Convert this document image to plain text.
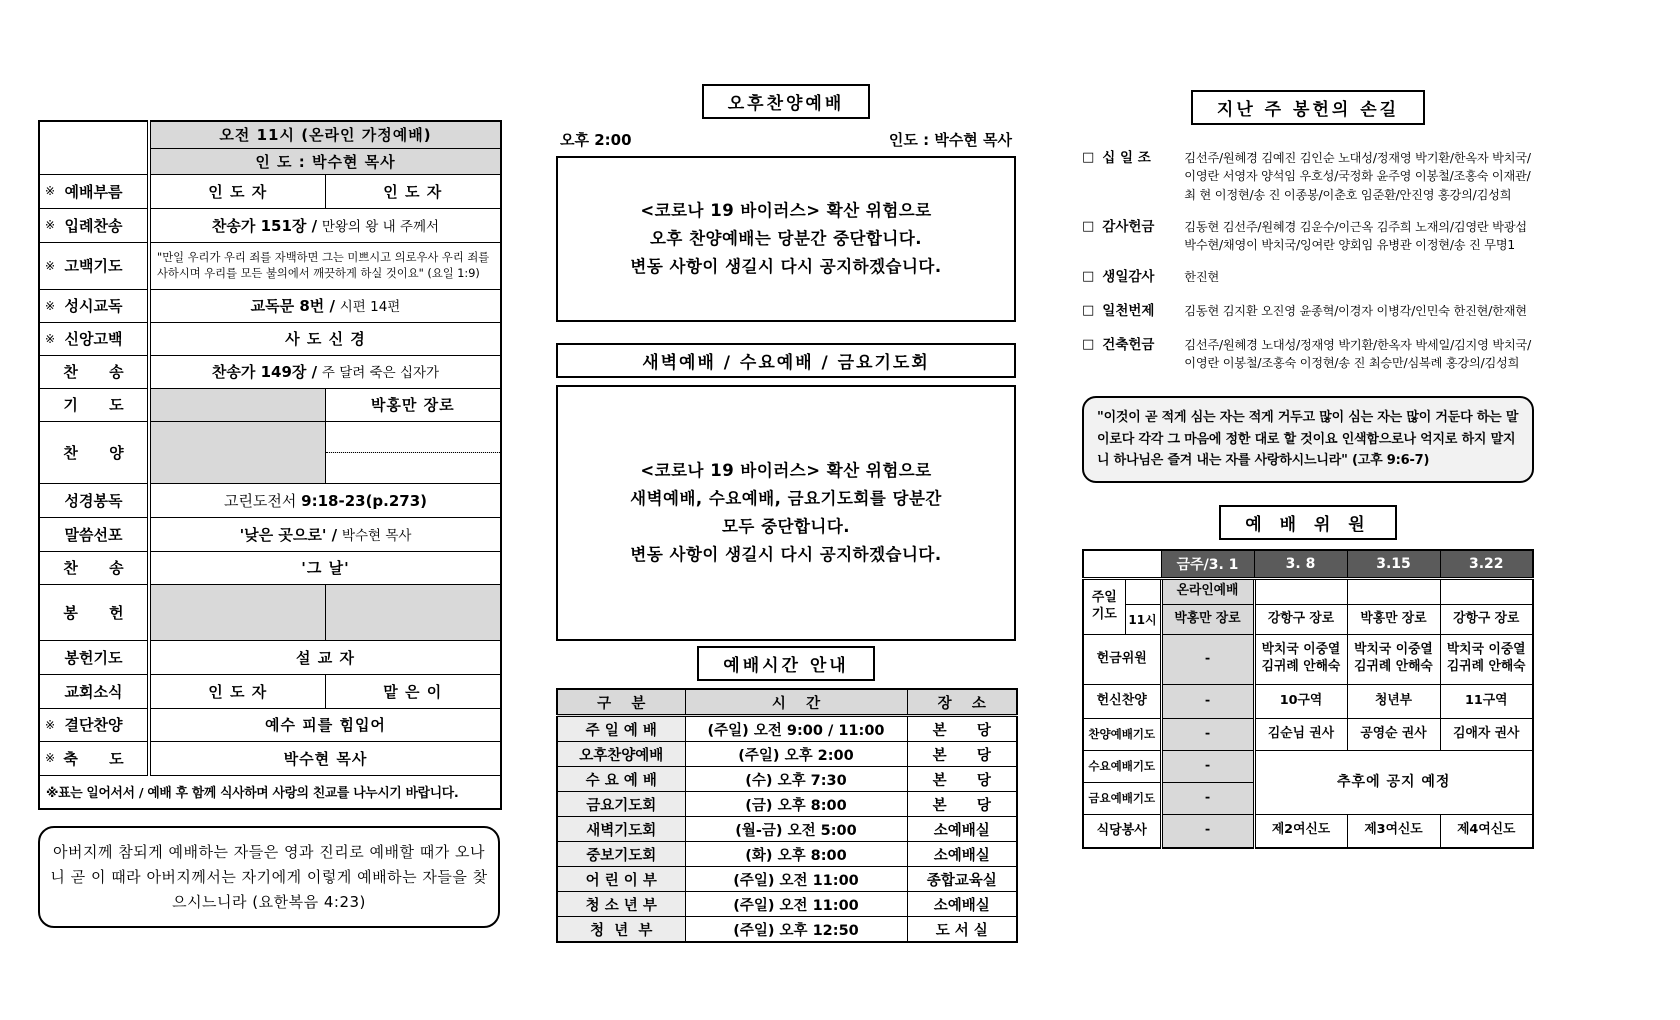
	오전 11시 (온라인 가정예배)	
	인 도 : 박수현 목사	

※ 예배부름	인 도 자	인 도 자

※ 입례찬송	찬송가 151장 / 만왕의 왕 내 주께서	

※ 고백기도	"만일 우리가 우리 죄를 자백하면 그는 미쁘시고 의로우사 우리 죄를 사하시며 우리를 모든 불의에서 깨끗하게 하실 것이요" (요일 1:9)	

※ 성시교독	교독문 8번 / 시편 14편	

※ 신앙고백	사 도 신 경	
찬      송	찬송가 149장 / 주 달려 죽은 십자가	
기      도		박홍만 장로
찬      양		

성경봉독	고린도전서 9:18-23(p.273)	
말씀선포	'낮은 곳으로' / 박수현 목사	
찬      송	'그 날'	
봉      헌		
봉헌기도	설 교 자	
교회소식	인 도 자	맡 은 이

※ 결단찬양	예수 피를 힘입어	

※ 축      도	박수현 목사	
※표는 일어서서 / 예배 후 함께 식사하며 사랑의 친교를 나누시기 바랍니다.		
아버지께 참되게 예배하는 자들은 영과 진리로 예배할 때가 오나니 곧 이 때라 아버지께서는 자기에게 이렇게 예배하는 자들을 찾으시느니라 (요한복음 4:23)
오후찬양예배
오후 2:00	인도 : 박수현 목사
<코로나 19 바이러스> 확산 위험으로
오후 찬양예배는 당분간 중단합니다.
변동 사항이 생길시 다시 공지하겠습니다.
새벽예배 / 수요예배 / 금요기도회
<코로나 19 바이러스> 확산 위험으로
새벽예배, 수요예배, 금요기도회를 당분간
모두 중단합니다.
변동 사항이 생길시 다시 공지하겠습니다.
예배시간 안내
구    분	시    간	장    소
주 일 예 배	(주일) 오전 9:00 / 11:00	본      당
오후찬양예배	(주일) 오후 2:00	본      당
수 요 예 배	(수) 오후 7:30	본      당
금요기도회	(금) 오후 8:00	본      당
새벽기도회	(월-금) 오전 5:00	소예배실
중보기도회	(화) 오후 8:00	소예배실
어 린 이 부	(주일) 오전 11:00	종합교육실
청 소 년 부	(주일) 오전 11:00	소예배실
청  년  부	(주일) 오후 12:50	도 서 실
지난 주 봉헌의 손길
□ 십 일 조	김선주/원혜경 김예진 김인순 노대성/정재영 박기환/한옥자 박치국/이영란 서영자 양석임 우호성/국정화 윤주영 이봉철/조홍숙 이재관/최 현 이정현/송 진 이종봉/이춘호 임준환/안진영 홍강의/김성희
□ 감사헌금	김동현 김선주/원혜경 김운수/이근옥 김주희 노재의/김영란 박광섭 박수현/채영이 박치국/잉여란 양회임 유병관 이정현/송 진 무명1
□ 생일감사	한진현
□ 일천번제	김동현 김지환 오진영 윤종혁/이경자 이병각/인민숙 한진현/한재현
□ 건축헌금	김선주/원혜경 노대성/정재영 박기환/한옥자 박세일/김지영 박치국/이영란 이봉철/조홍숙 이정현/송 진 최승만/심복례 홍강의/김성희
"이것이 곧 적게 심는 자는 적게 거두고 많이 심는 자는 많이 거둔다 하는 말이로다 각각 그 마음에 정한 대로 할 것이요 인색함으로나 억지로 하지 말지니 하나님은 즐겨 내는 자를 사랑하시느니라" (고후 9:6-7)
예 배 위 원
		금주/3. 1	3. 8	3.15	3.22
주일 기도		온라인예배			
	11시	박홍만 장로	강항구 장로	박홍만 장로	강항구 장로
헌금위원		-	박치국 이중열 김귀례 안해숙	박치국 이중열 김귀례 안해숙	박치국 이중열 김귀례 안해숙
헌신찬양		-	10구역	청년부	11구역
찬양예배기도		-	김순님 권사	공영순 권사	김애자 권사
수요예배기도		-	추후에 공지 예정		
금요예배기도		-			
식당봉사		-	제2여신도	제3여신도	제4여신도
